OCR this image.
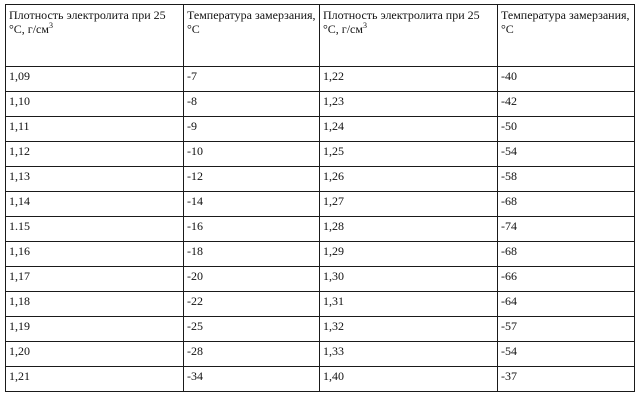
Плотность электролита при 25 °C, $г/см^3$	Температура замерзания, °С	Плотность электролита при 25 °C, $г/см^3$	Температура замерзания, °С
1,09	-7	1,22	-40
1,10	-8	1,23	-42
1,11	-9	1,24	-50
1,12	-10	1,25	-54
1,13	-12	1,26	-58
1,14	-14	1,27	-68
1.15	-16	1,28	-74
1,16	-18	1,29	-68
1,17	-20	1,30	-66
1,18	-22	1,31	-64
1,19	-25	1,32	-57
1,20	-28	1,33	-54
1,21	-34	1,40	-37
